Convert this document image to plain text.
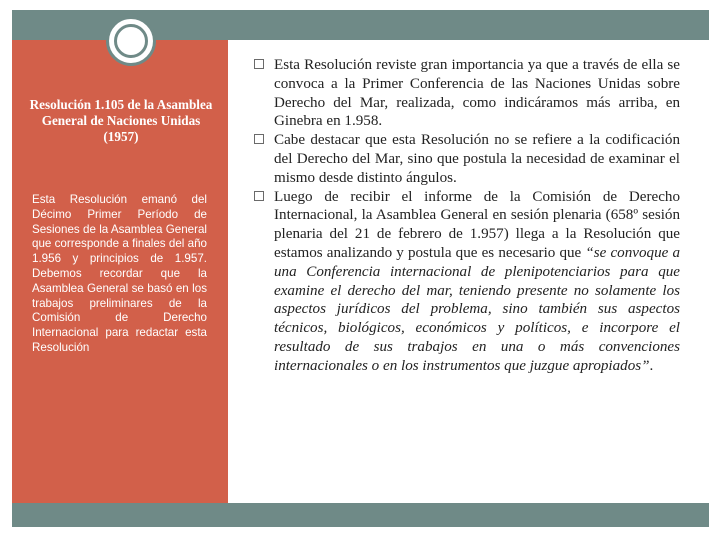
Resolución 1.105 de la Asamblea General de Naciones Unidas (1957)

Esta Resolución emanó del Décimo Primer Período de Sesiones de la Asamblea General que corresponde a finales del año 1.956 y principios de 1.957. Debemos recordar que la Asamblea General se basó en los trabajos preliminares de la Comisión de Derecho Internacional para redactar esta Resolución

Esta Resolución reviste gran importancia ya que a través de ella se convoca a la Primer Conferencia de las Naciones Unidas sobre Derecho del Mar, realizada, como indicáramos más arriba, en Ginebra en 1.958.
Cabe destacar que esta Resolución no se refiere a la codificación del Derecho del Mar, sino que postula la necesidad de examinar el mismo desde distinto ángulos.
Luego de recibir el informe de la Comisión de Derecho Internacional, la Asamblea General en sesión plenaria (658º sesión plenaria del 21 de febrero de 1.957) llega a la Resolución que estamos analizando y postula que es necesario que “se convoque a una Conferencia internacional de plenipotenciarios para que examine el derecho del mar, teniendo presente no solamente los aspectos jurídicos del problema, sino también sus aspectos técnicos, biológicos, económicos y políticos, e incorpore el resultado de sus trabajos en una o más convenciones internacionales o en los instrumentos que juzgue apropiados”.
